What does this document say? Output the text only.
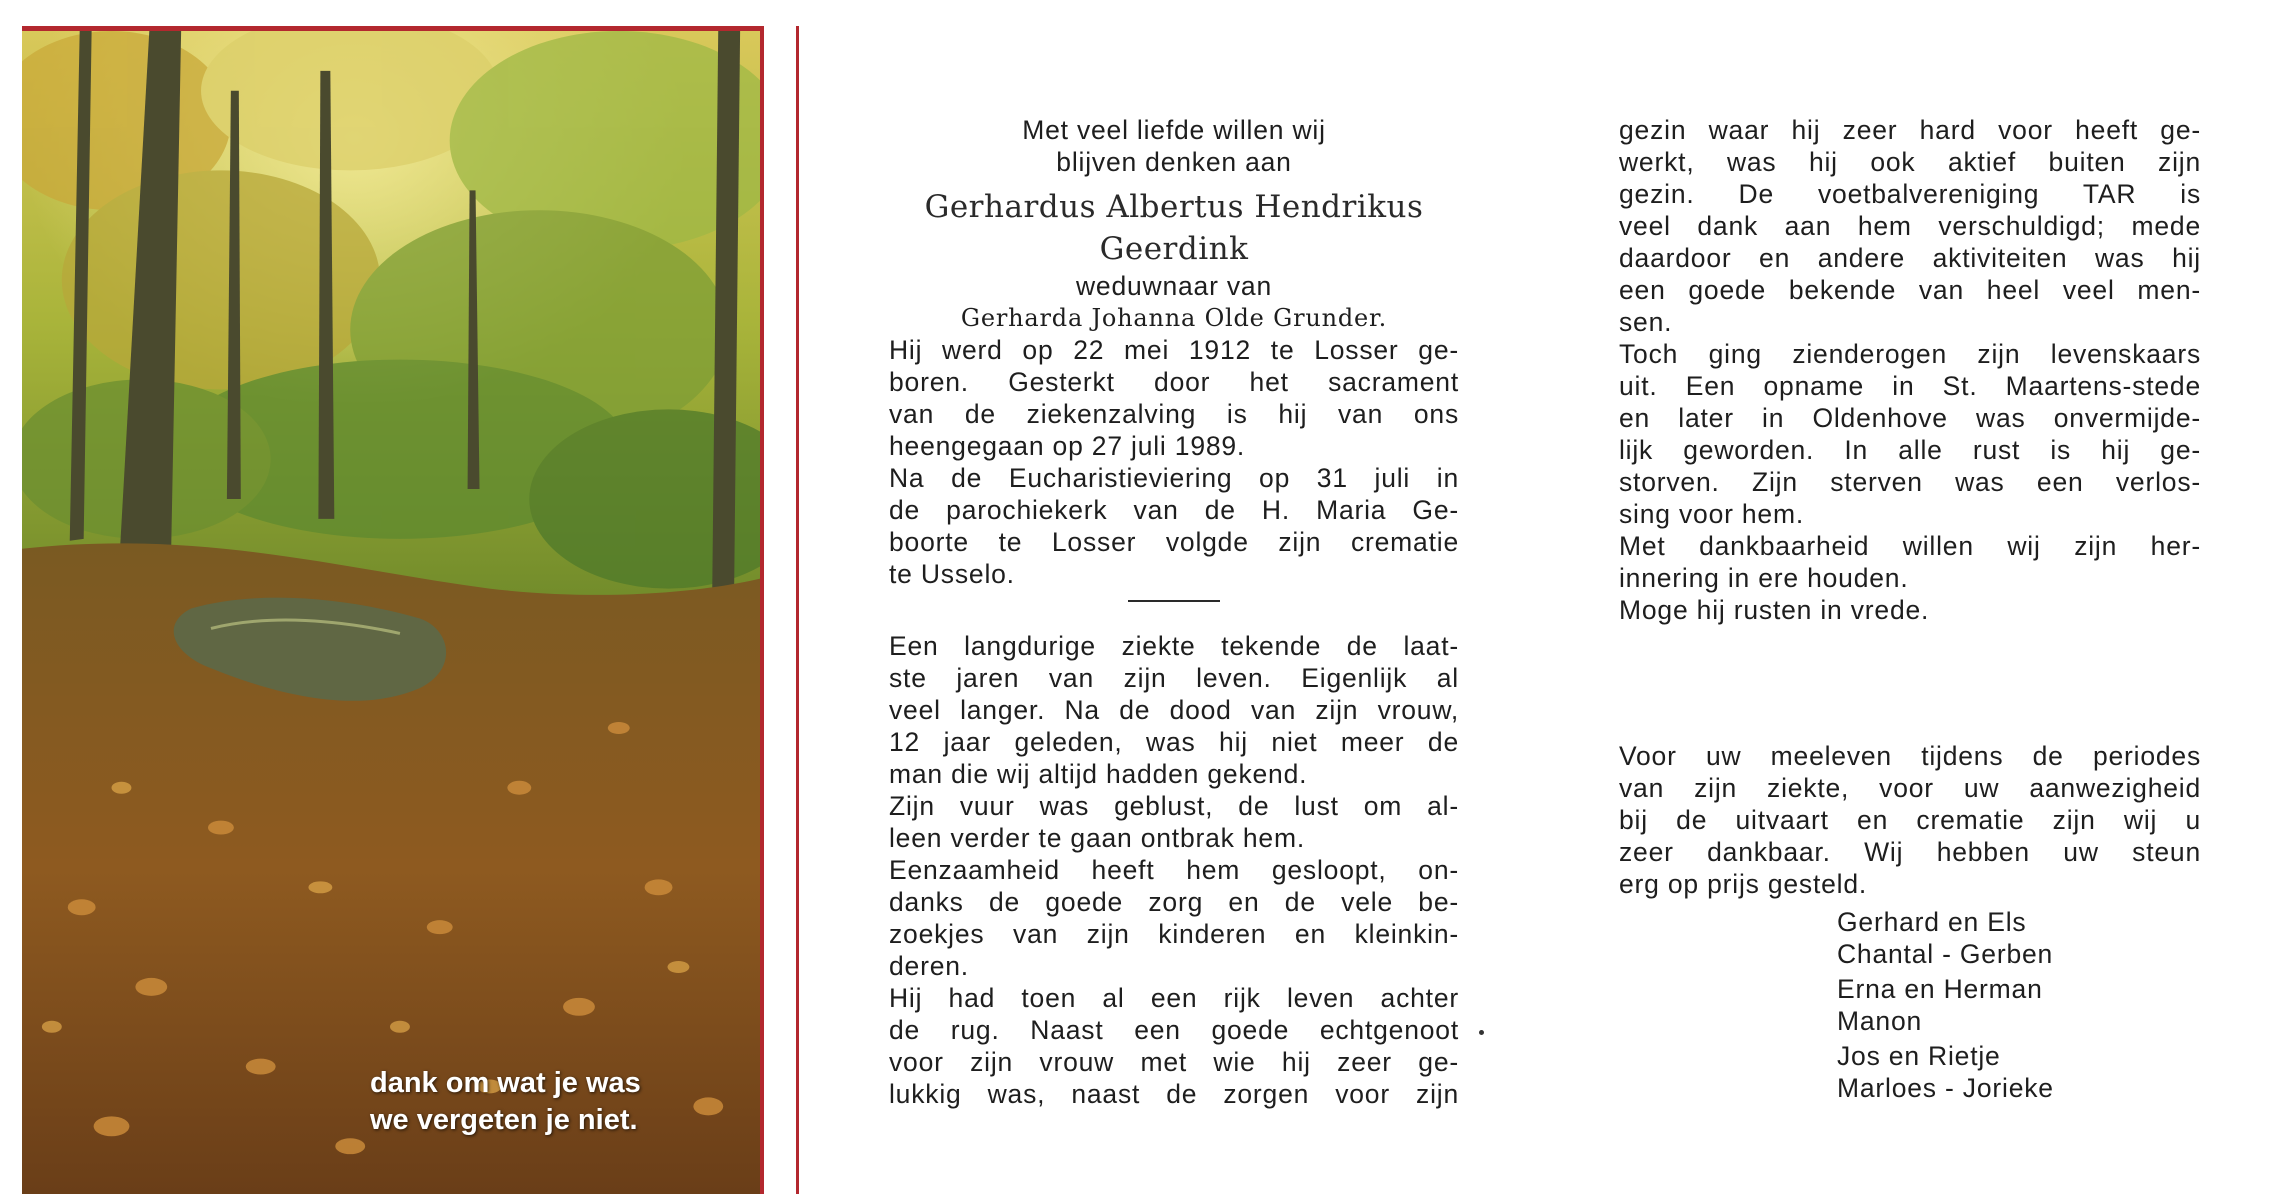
dank om wat je was
we vergeten je niet.
Met veel liefde willen wij
blijven denken aan
Gerhardus Albertus Hendrikus
Geerdink
weduwnaar van
Gerharda Johanna Olde Grunder.
Hij werd op 22 mei 1912 te Losser ge-
boren. Gesterkt door het sacrament
van de ziekenzalving is hij van ons
heengegaan op 27 juli 1989.
Na de Eucharistieviering op 31 juli in
de parochiekerk van de H. Maria Ge-
boorte te Losser volgde zijn crematie
te Usselo.
Een langdurige ziekte tekende de laat-
ste jaren van zijn leven. Eigenlijk al
veel langer. Na de dood van zijn vrouw,
12 jaar geleden, was hij niet meer de
man die wij altijd hadden gekend.
Zijn vuur was geblust, de lust om al-
leen verder te gaan ontbrak hem.
Eenzaamheid heeft hem gesloopt, on-
danks de goede zorg en de vele be-
zoekjes van zijn kinderen en kleinkin-
deren.
Hij had toen al een rijk leven achter
de rug. Naast een goede echtgenoot
voor zijn vrouw met wie hij zeer ge-
lukkig was, naast de zorgen voor zijn
gezin waar hij zeer hard voor heeft ge-
werkt, was hij ook aktief buiten zijn
gezin. De voetbalvereniging TAR is
veel dank aan hem verschuldigd; mede
daardoor en andere aktiviteiten was hij
een goede bekende van heel veel men-
sen.
Toch ging zienderogen zijn levenskaars
uit. Een opname in St. Maartens-stede
en later in Oldenhove was onvermijde-
lijk geworden. In alle rust is hij ge-
storven. Zijn sterven was een verlos-
sing voor hem.
Met dankbaarheid willen wij zijn her-
innering in ere houden.
Moge hij rusten in vrede.
Voor uw meeleven tijdens de periodes
van zijn ziekte, voor uw aanwezigheid
bij de uitvaart en crematie zijn wij u
zeer dankbaar. Wij hebben uw steun
erg op prijs gesteld.
Gerhard en Els
Chantal - Gerben
Erna en Herman
Manon
Jos en Rietje
Marloes - Jorieke
